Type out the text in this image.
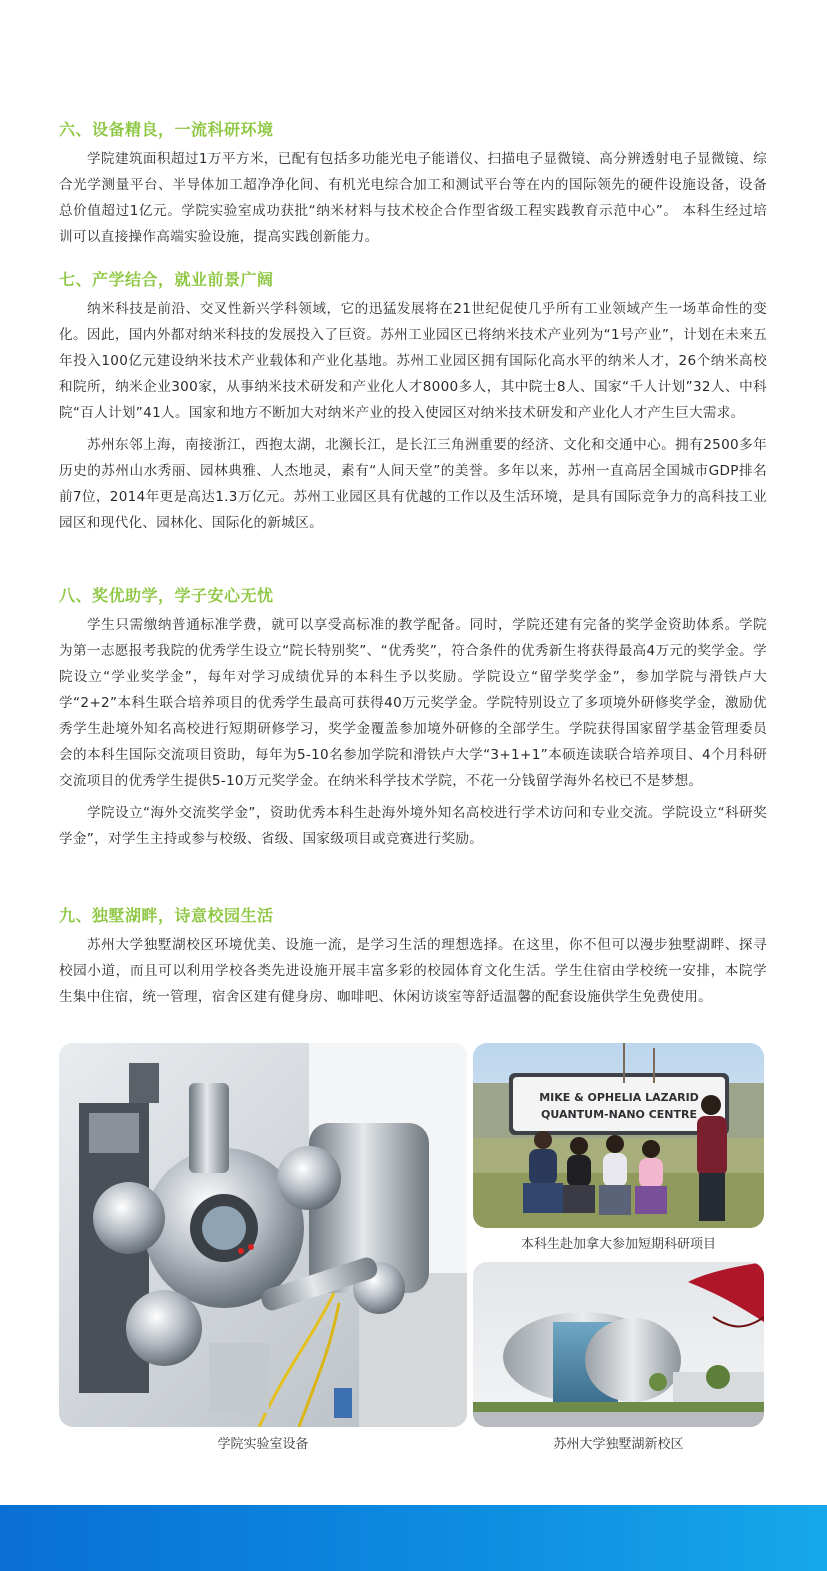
六、设备精良，一流科研环境

学院建筑面积超过1万平方米，已配有包括多功能光电子能谱仪、扫描电子显微镜、高分辨透射电子显微镜、综合光学测量平台、半导体加工超净净化间、有机光电综合加工和测试平台等在内的国际领先的硬件设施设备，设备总价值超过1亿元。学院实验室成功获批“纳米材料与技术校企合作型省级工程实践教育示范中心”。 本科生经过培训可以直接操作高端实验设施，提高实践创新能力。

七、产学结合，就业前景广阔

纳米科技是前沿、交叉性新兴学科领域，它的迅猛发展将在21世纪促使几乎所有工业领域产生一场革命性的变化。因此，国内外都对纳米科技的发展投入了巨资。苏州工业园区已将纳米技术产业列为“1号产业”，计划在未来五年投入100亿元建设纳米技术产业载体和产业化基地。苏州工业园区拥有国际化高水平的纳米人才，26个纳米高校和院所，纳米企业300家，从事纳米技术研发和产业化人才8000多人，其中院士8人、国家“千人计划”32人、中科院“百人计划”41人。国家和地方不断加大对纳米产业的投入使园区对纳米技术研发和产业化人才产生巨大需求。

苏州东邻上海，南接浙江，西抱太湖，北濒长江，是长江三角洲重要的经济、文化和交通中心。拥有2500多年历史的苏州山水秀丽、园林典雅、人杰地灵，素有“人间天堂”的美誉。多年以来，苏州一直高居全国城市GDP排名前7位，2014年更是高达1.3万亿元。苏州工业园区具有优越的工作以及生活环境，是具有国际竞争力的高科技工业园区和现代化、园林化、国际化的新城区。

八、奖优助学，学子安心无忧

学生只需缴纳普通标准学费，就可以享受高标准的教学配备。同时，学院还建有完备的奖学金资助体系。学院为第一志愿报考我院的优秀学生设立“院长特别奖”、“优秀奖”，符合条件的优秀新生将获得最高4万元的奖学金。学院设立“学业奖学金”，每年对学习成绩优异的本科生予以奖励。学院设立“留学奖学金”，参加学院与滑铁卢大学“2+2”本科生联合培养项目的优秀学生最高可获得40万元奖学金。学院特别设立了多项境外研修奖学金，激励优秀学生赴境外知名高校进行短期研修学习，奖学金覆盖参加境外研修的全部学生。学院获得国家留学基金管理委员会的本科生国际交流项目资助，每年为5-10名参加学院和滑铁卢大学“3+1+1”本硕连读联合培养项目、4个月科研交流项目的优秀学生提供5-10万元奖学金。在纳米科学技术学院，不花一分钱留学海外名校已不是梦想。

学院设立“海外交流奖学金”，资助优秀本科生赴海外境外知名高校进行学术访问和专业交流。学院设立“科研奖学金”，对学生主持或参与校级、省级、国家级项目或竞赛进行奖励。

九、独墅湖畔，诗意校园生活

苏州大学独墅湖校区环境优美、设施一流，是学习生活的理想选择。在这里，你不但可以漫步独墅湖畔、探寻校园小道，而且可以利用学校各类先进设施开展丰富多彩的校园体育文化生活。学生住宿由学校统一安排，本院学生集中住宿，统一管理，宿舍区建有健身房、咖啡吧、休闲访谈室等舒适温馨的配套设施供学生免费使用。

学院实验室设备
MIKE & OPHELIA LAZARID
QUANTUM-NANO CENTRE
本科生赴加拿大参加短期科研项目
苏州大学独墅湖新校区
